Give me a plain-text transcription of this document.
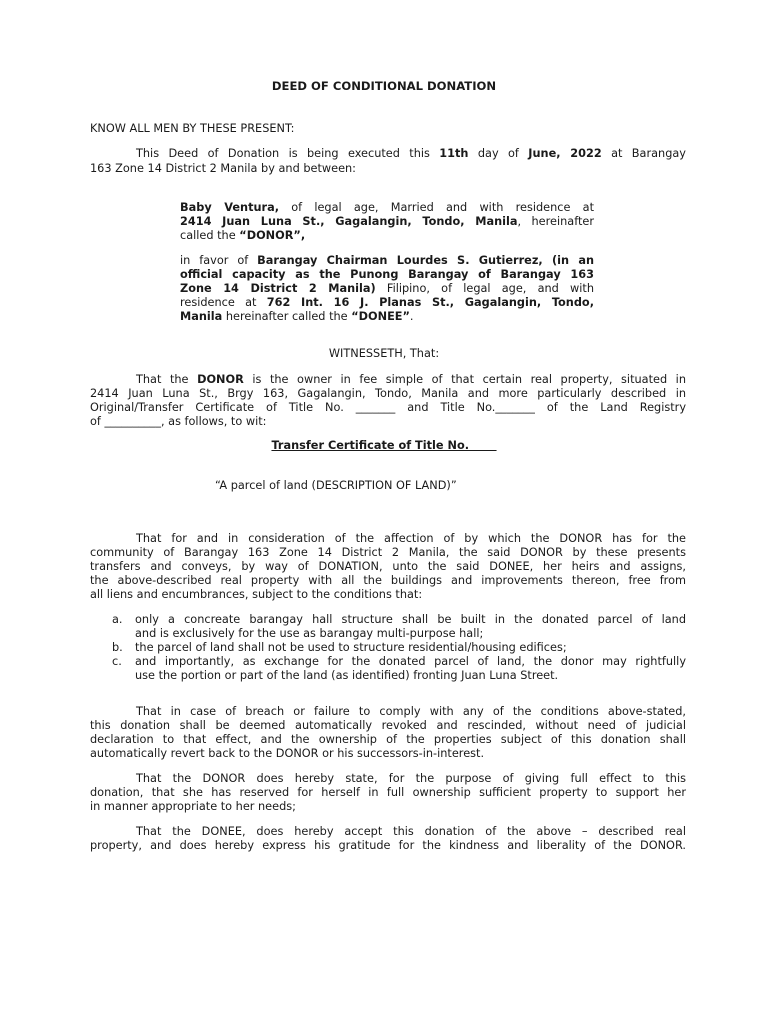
DEED OF CONDITIONAL DONATION
KNOW ALL MEN BY THESE PRESENT:
This Deed of Donation is being executed this 11th day of June, 2022 at Barangay
163 Zone 14 District 2 Manila by and between:
Baby Ventura, of legal age, Married and with residence at
2414 Juan Luna St., Gagalangin, Tondo, Manila, hereinafter
called the “DONOR”,
in favor of Barangay Chairman Lourdes S. Gutierrez, (in an
official capacity as the Punong Barangay of Barangay 163
Zone 14 District 2 Manila) Filipino, of legal age, and with
residence at 762 Int. 16 J. Planas St., Gagalangin, Tondo,
Manila hereinafter called the “DONEE”.
WITNESSETH, That:
That the DONOR is the owner in fee simple of that certain real property, situated in
2414 Juan Luna St., Brgy 163, Gagalangin, Tondo, Manila and more particularly described in
Original/Transfer Certificate of Title No. _______ and Title No._______ of the Land Registry
of __________, as follows, to wit:
Transfer Certificate of Title No.
“A parcel of land (DESCRIPTION OF LAND)”
That for and in consideration of the affection of by which the DONOR has for the
community of Barangay 163 Zone 14 District 2 Manila, the said DONOR by these presents
transfers and conveys, by way of DONATION, unto the said DONEE, her heirs and assigns,
the above-described real property with all the buildings and improvements thereon, free from
all liens and encumbrances, subject to the conditions that:
a. only a concreate barangay hall structure shall be built in the donated parcel of land
and is exclusively for the use as barangay multi-purpose hall;
b. the parcel of land shall not be used to structure residential/housing edifices;
c. and importantly, as exchange for the donated parcel of land, the donor may rightfully
use the portion or part of the land (as identified) fronting Juan Luna Street.
That in case of breach or failure to comply with any of the conditions above-stated,
this donation shall be deemed automatically revoked and rescinded, without need of judicial
declaration to that effect, and the ownership of the properties subject of this donation shall
automatically revert back to the DONOR or his successors-in-interest.
That the DONOR does hereby state, for the purpose of giving full effect to this
donation, that she has reserved for herself in full ownership sufficient property to support her
in manner appropriate to her needs;
That the DONEE, does hereby accept this donation of the above – described real
property, and does hereby express his gratitude for the kindness and liberality of the DONOR.
